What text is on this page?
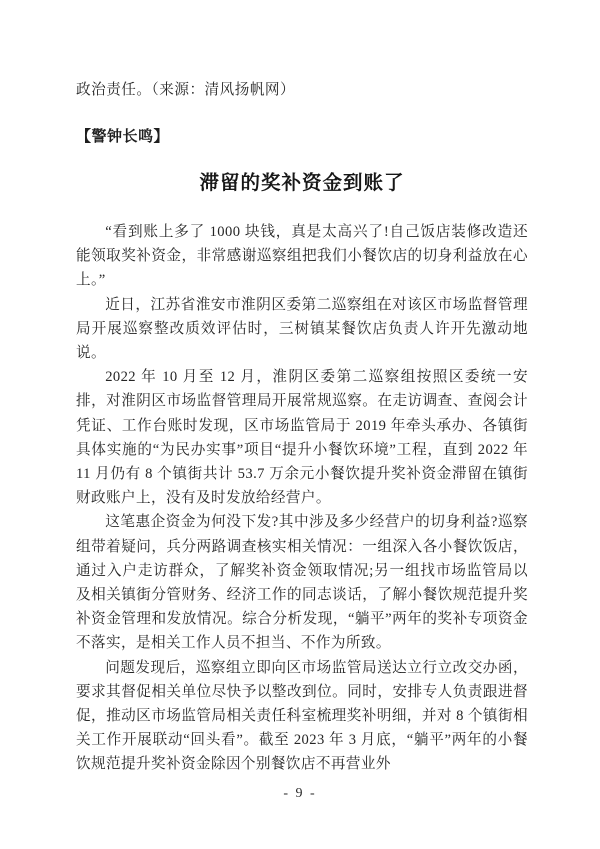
政治责任。（来源：清风扬帆网）

【警钟长鸣】

滞留的奖补资金到账了

“看到账上多了 1000 块钱，真是太高兴了!自己饭店装修改造还能领取奖补资金，非常感谢巡察组把我们小餐饮店的切身利益放在心上。”

近日，江苏省淮安市淮阴区委第二巡察组在对该区市场监督管理局开展巡察整改质效评估时，三树镇某餐饮店负责人许开先激动地说。

2022 年 10 月至 12 月，淮阴区委第二巡察组按照区委统一安排，对淮阴区市场监督管理局开展常规巡察。在走访调查、查阅会计凭证、工作台账时发现，区市场监管局于 2019 年牵头承办、各镇街具体实施的“为民办实事”项目“提升小餐饮环境”工程，直到 2022 年 11 月仍有 8 个镇街共计 53.7 万余元小餐饮提升奖补资金滞留在镇街财政账户上，没有及时发放给经营户。

这笔惠企资金为何没下发?其中涉及多少经营户的切身利益?巡察组带着疑问，兵分两路调查核实相关情况：一组深入各小餐饮饭店，通过入户走访群众，了解奖补资金领取情况;另一组找市场监管局以及相关镇街分管财务、经济工作的同志谈话，了解小餐饮规范提升奖补资金管理和发放情况。综合分析发现，“躺平”两年的奖补专项资金不落实，是相关工作人员不担当、不作为所致。

问题发现后，巡察组立即向区市场监管局送达立行立改交办函，要求其督促相关单位尽快予以整改到位。同时，安排专人负责跟进督促，推动区市场监管局相关责任科室梳理奖补明细，并对 8 个镇街相关工作开展联动“回头看”。截至 2023 年 3 月底，“躺平”两年的小餐饮规范提升奖补资金除因个别餐饮店不再营业外

- 9 -
